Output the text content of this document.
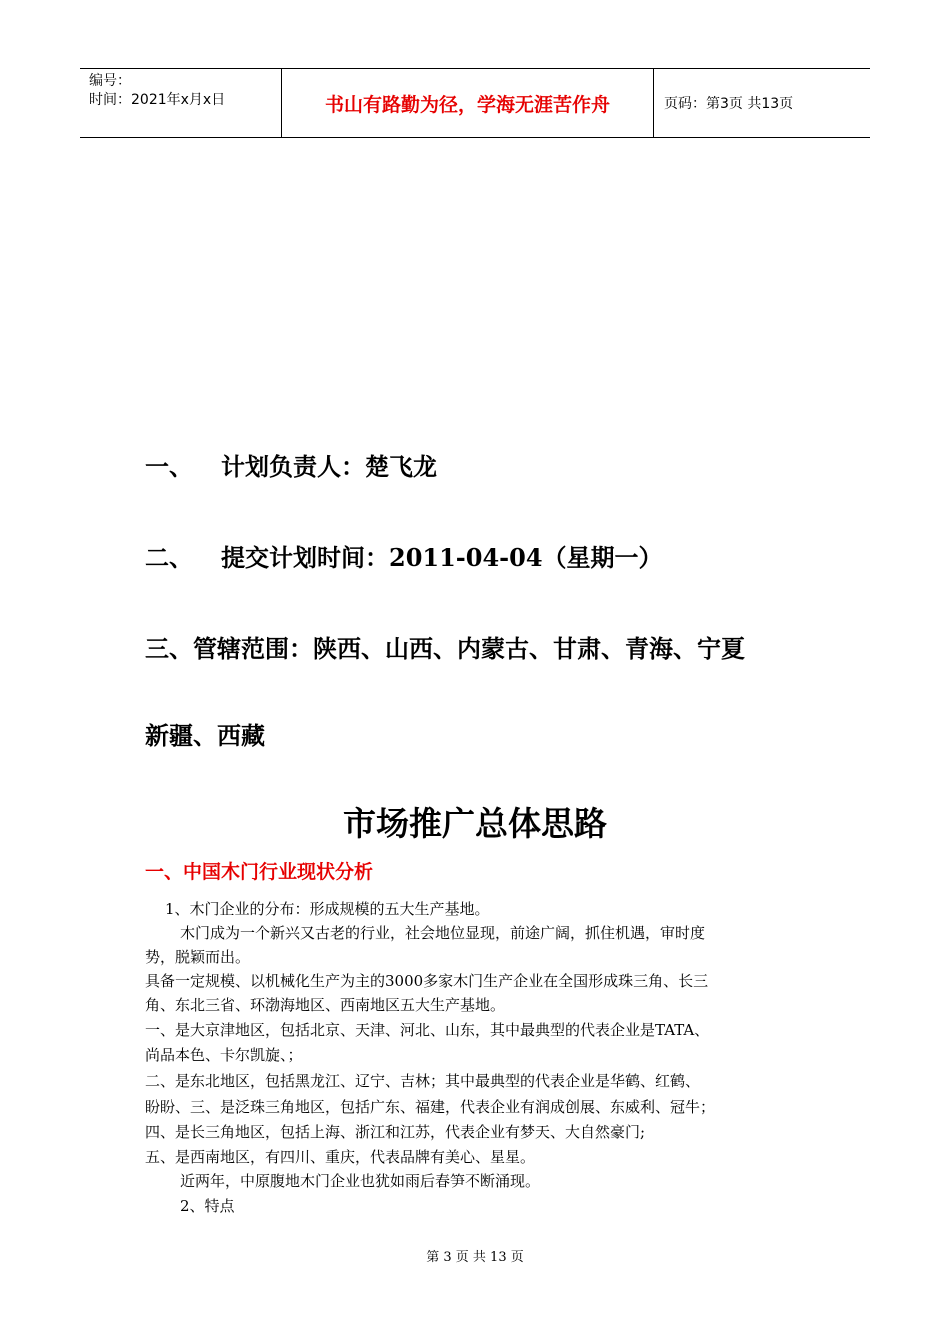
编号：
时间：2021年x月x日	书山有路勤为径，学海无涯苦作舟	页码：第3页 共13页
一、 计划负责人：楚飞龙
二、 提交计划时间：2011-04-04（星期一）
三、管辖范围：陕西、山西、内蒙古、甘肃、青海、宁夏
新疆、西藏
市场推广总体思路
一、中国木门行业现状分析
1、木门企业的分布：形成规模的五大生产基地。
木门成为一个新兴又古老的行业，社会地位显现，前途广阔，抓住机遇，审时度
势，脱颖而出。
具备一定规模、以机械化生产为主的3000多家木门生产企业在全国形成珠三角、长三
角、东北三省、环渤海地区、西南地区五大生产基地。
一、是大京津地区，包括北京、天津、河北、山东，其中最典型的代表企业是TATA、
尚品本色、卡尔凯旋、；
二、是东北地区，包括黑龙江、辽宁、吉林；其中最典型的代表企业是华鹤、红鹤、
盼盼、三、是泛珠三角地区，包括广东、福建，代表企业有润成创展、东威利、冠牛；
四、是长三角地区，包括上海、浙江和江苏，代表企业有梦天、大自然豪门;
五、是西南地区，有四川、重庆，代表品牌有美心、星星。
近两年，中原腹地木门企业也犹如雨后春笋不断涌现。
2、特点
第 3 页 共 13 页
